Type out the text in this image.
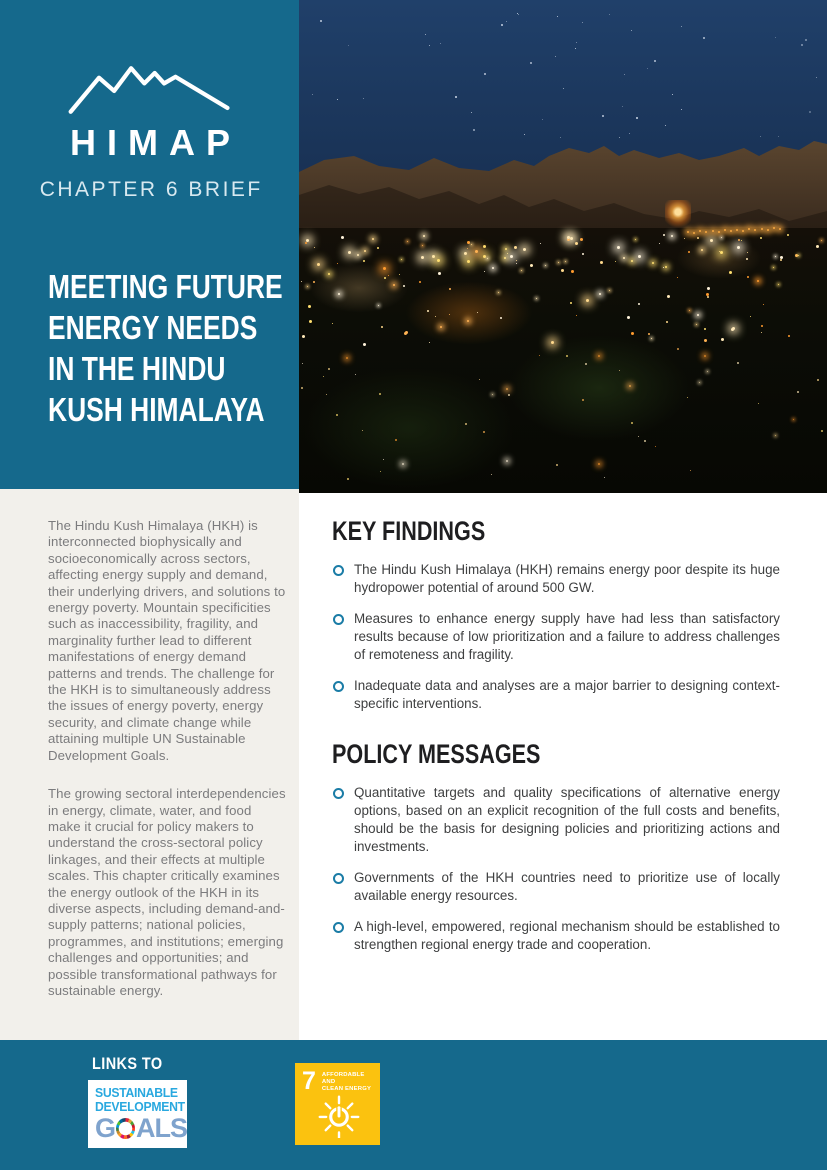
HIMAP
CHAPTER 6 BRIEF
MEETING FUTURE
ENERGY NEEDS
IN THE HINDU
KUSH HIMALAYA

The Hindu Kush Himalaya (HKH) is interconnected biophysically and socioeconomically across sectors, affecting energy supply and demand, their underlying drivers, and solutions to energy poverty. Mountain specificities such as inaccessibility, fragility, and marginality further lead to different manifestations of energy demand patterns and trends. The challenge for the HKH is to simultaneously address the issues of energy poverty, energy security, and climate change while attaining multiple UN Sustainable Development Goals.

The growing sectoral interdependencies in energy, climate, water, and food make it crucial for policy makers to understand the cross-sectoral policy linkages, and their effects at multiple scales. This chapter critically examines the energy outlook of the HKH in its diverse aspects, including demand-and-supply patterns; national policies, programmes, and institutions; emerging challenges and opportunities; and possible transformational pathways for sustainable energy.

KEY FINDINGS
The Hindu Kush Himalaya (HKH) remains energy poor despite its huge hydropower potential of around 500 GW.
Measures to enhance energy supply have had less than satisfactory results because of low prioritization and a failure to address challenges of remoteness and fragility.
Inadequate data and analyses are a major barrier to designing context-specific interventions.
POLICY MESSAGES
Quantitative targets and quality specifications of alternative energy options, based on an explicit recognition of the full costs and benefits, should be the basis for designing policies and prioritizing actions and investments.
Governments of the HKH countries need to prioritize use of locally available energy resources.
A high-level, empowered, regional mechanism should be established to strengthen regional energy trade and cooperation.
LINKS TO
SUSTAINABLE
DEVELOPMENT
G ALS
7 AFFORDABLE AND
CLEAN ENERGY
